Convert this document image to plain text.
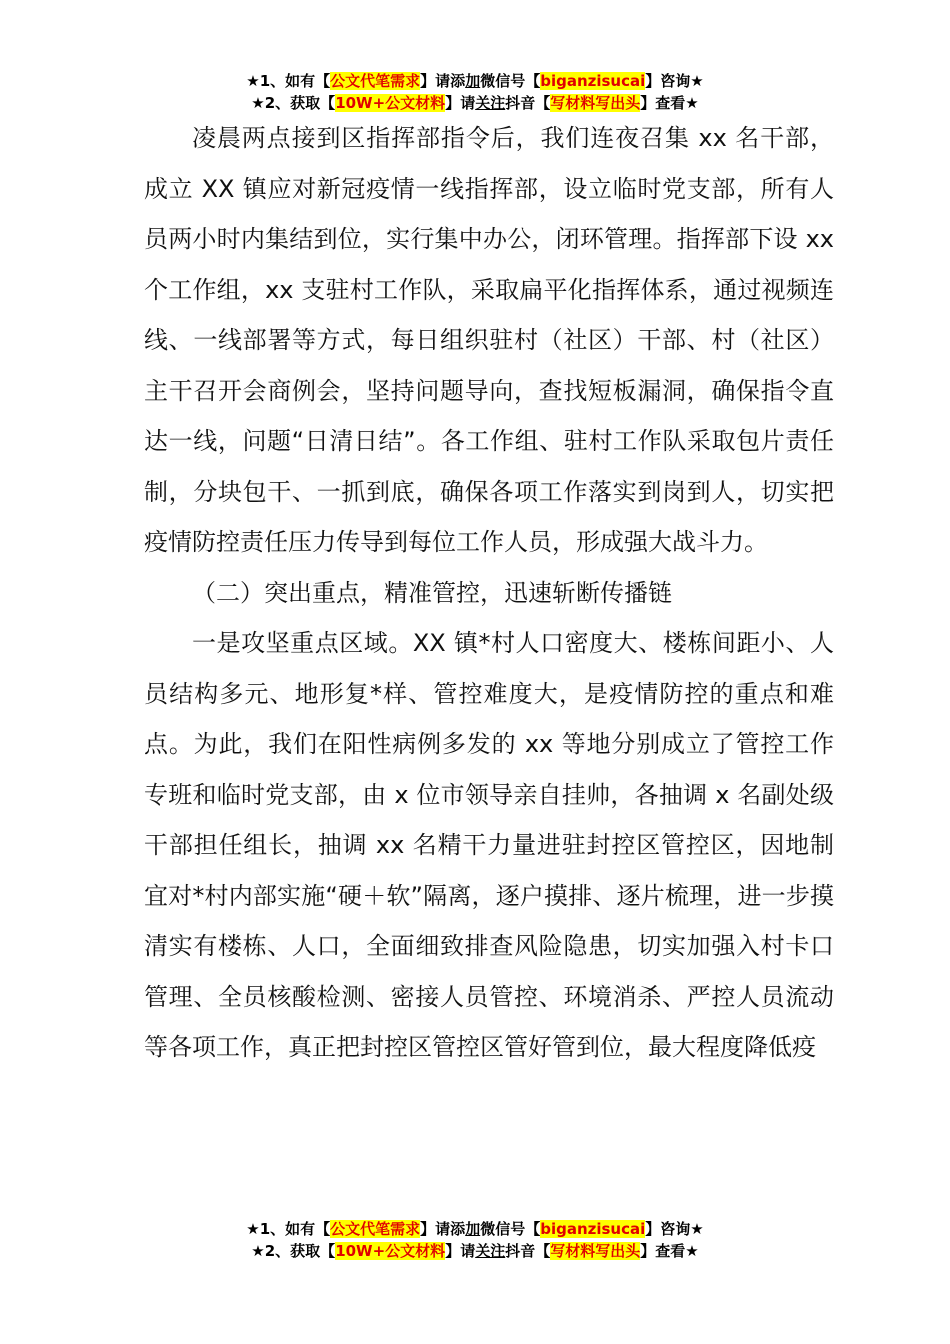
★1、如有【公文代笔需求】请添加微信号【biganzisucai】咨询★
★2、获取【10W+公文材料】请关注抖音【写材料写出头】查看★

凌晨两点接到区指挥部指令后，我们连夜召集 xx 名干部，成立 XX 镇应对新冠疫情一线指挥部，设立临时党支部，所有人员两小时内集结到位，实行集中办公，闭环管理。指挥部下设 xx 个工作组，xx 支驻村工作队，采取扁平化指挥体系，通过视频连线、一线部署等方式，每日组织驻村（社区）干部、村（社区）主干召开会商例会，坚持问题导向，查找短板漏洞，确保指令直达一线，问题“日清日结”。各工作组、驻村工作队采取包片责任制，分块包干、一抓到底，确保各项工作落实到岗到人，切实把疫情防控责任压力传导到每位工作人员，形成强大战斗力。

（二）突出重点，精准管控，迅速斩断传播链

一是攻坚重点区域。XX 镇*村人口密度大、楼栋间距小、人员结构多元、地形复*样、管控难度大，是疫情防控的重点和难点。为此，我们在阳性病例多发的 xx 等地分别成立了管控工作专班和临时党支部，由 x 位市领导亲自挂帅，各抽调 x 名副处级干部担任组长，抽调 xx 名精干力量进驻封控区管控区，因地制宜对*村内部实施“硬＋软”隔离，逐户摸排、逐片梳理，进一步摸清实有楼栋、人口，全面细致排查风险隐患，切实加强入村卡口管理、全员核酸检测、密接人员管控、环境消杀、严控人员流动等各项工作，真正把封控区管控区管好管到位，最大程度降低疫

★1、如有【公文代笔需求】请添加微信号【biganzisucai】咨询★
★2、获取【10W+公文材料】请关注抖音【写材料写出头】查看★
